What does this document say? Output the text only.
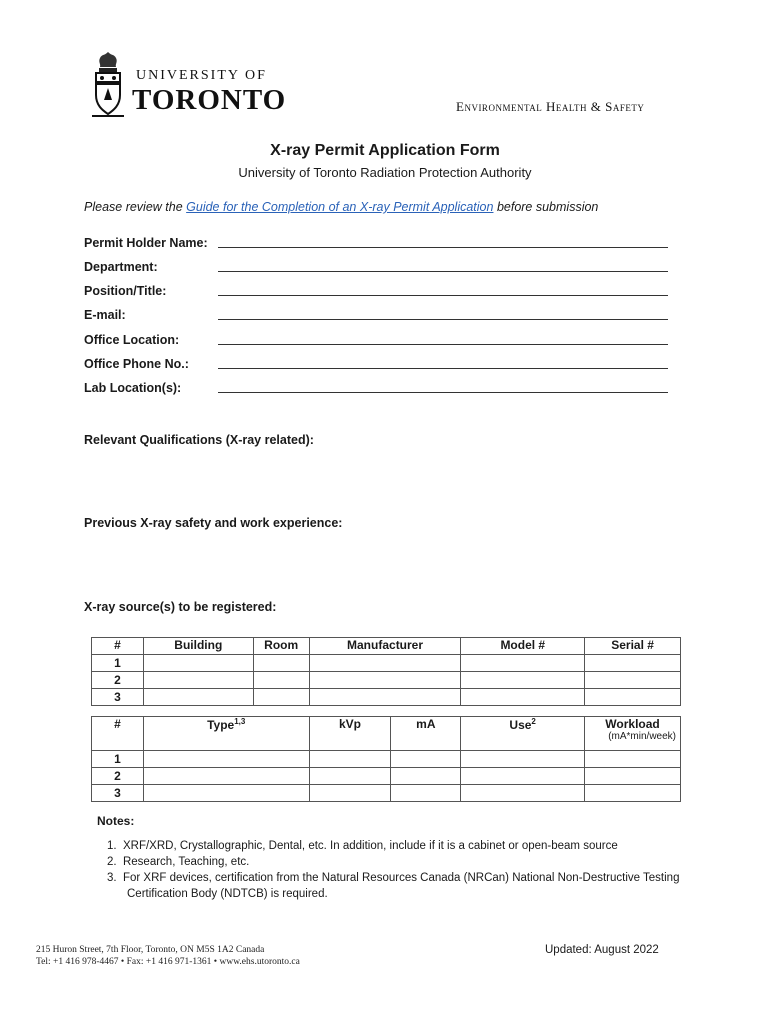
UNIVERSITY OF
TORONTO	Environmental Health & Safety
X-ray Permit Application Form
University of Toronto Radiation Protection Authority
Please review the Guide for the Completion of an X-ray Permit Application before submission
Permit Holder Name:
Department:
Position/Title:
E-mail:
Office Location:
Office Phone No.:
Lab Location(s):
Relevant Qualifications (X-ray related):
Previous X-ray safety and work experience:
X-ray source(s) to be registered:
#	Building	Room	Manufacturer	Model #	Serial #
1					
2					
3					
#	Type$^{1,3}$	kVp	mA	Use$^2$	Workload
(mA*min/week)

1					
2					
3					
Notes:
1.  XRF/XRD, Crystallographic, Dental, etc. In addition, include if it is a cabinet or open-beam source
2.  Research, Teaching, etc.
3.  For XRF devices, certification from the Natural Resources Canada (NRCan) National Non-Destructive Testing Certification Body (NDTCB) is required.
215 Huron Street, 7th Floor, Toronto, ON M5S 1A2 Canada
Tel: +1 416 978-4467 • Fax: +1 416 971-1361 • www.ehs.utoronto.ca
Updated: August 2022
